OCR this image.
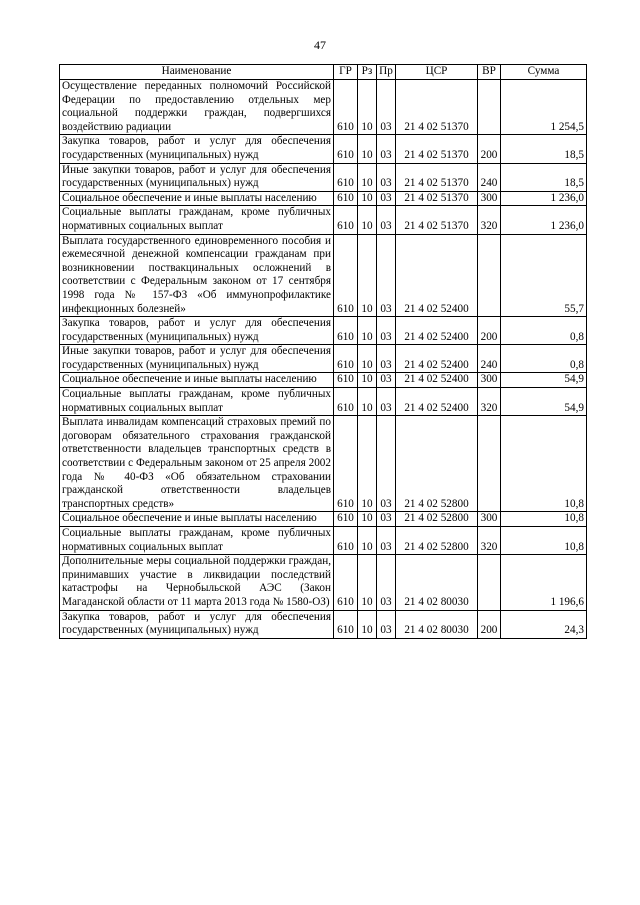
47
Наименование	ГР	Рз	Пр	ЦСР	ВР	Сумма
Осуществление переданных полномочий Российской Федерации по предоставлению отдельных мер социальной поддержки граждан, подвергшихся воздействию радиации	610	10	03	21 4 02 51370		1 254,5
Закупка товаров, работ и услуг для обеспечения государственных (муниципальных) нужд	610	10	03	21 4 02 51370	200	18,5
Иные закупки товаров, работ и услуг для обеспечения государственных (муниципальных) нужд	610	10	03	21 4 02 51370	240	18,5
Социальное обеспечение и иные выплаты населению	610	10	03	21 4 02 51370	300	1 236,0
Социальные выплаты гражданам, кроме публичных нормативных социальных выплат	610	10	03	21 4 02 51370	320	1 236,0
Выплата государственного единовременного пособия и ежемесячной денежной компенсации гражданам при возникновении поствакцинальных осложнений в соответствии с Федеральным законом от 17 сентября 1998 года № 157-ФЗ «Об иммунопрофилактике инфекционных болезней»	610	10	03	21 4 02 52400		55,7
Закупка товаров, работ и услуг для обеспечения государственных (муниципальных) нужд	610	10	03	21 4 02 52400	200	0,8
Иные закупки товаров, работ и услуг для обеспечения государственных (муниципальных) нужд	610	10	03	21 4 02 52400	240	0,8
Социальное обеспечение и иные выплаты населению	610	10	03	21 4 02 52400	300	54,9
Социальные выплаты гражданам, кроме публичных нормативных социальных выплат	610	10	03	21 4 02 52400	320	54,9
Выплата инвалидам компенсаций страховых премий по договорам обязательного страхования гражданской ответственности владельцев транспортных средств в соответствии с Федеральным законом от 25 апреля 2002 года № 40-ФЗ «Об обязательном страховании гражданской ответственности владельцев транспортных средств»	610	10	03	21 4 02 52800		10,8
Социальное обеспечение и иные выплаты населению	610	10	03	21 4 02 52800	300	10,8
Социальные выплаты гражданам, кроме публичных нормативных социальных выплат	610	10	03	21 4 02 52800	320	10,8
Дополнительные меры социальной поддержки граждан, принимавших участие в ликвидации последствий катастрофы на Чернобыльской АЭС (Закон Магаданской области от 11 марта 2013 года № 1580-ОЗ)	610	10	03	21 4 02 80030		1 196,6
Закупка товаров, работ и услуг для обеспечения государственных (муниципальных) нужд	610	10	03	21 4 02 80030	200	24,3
